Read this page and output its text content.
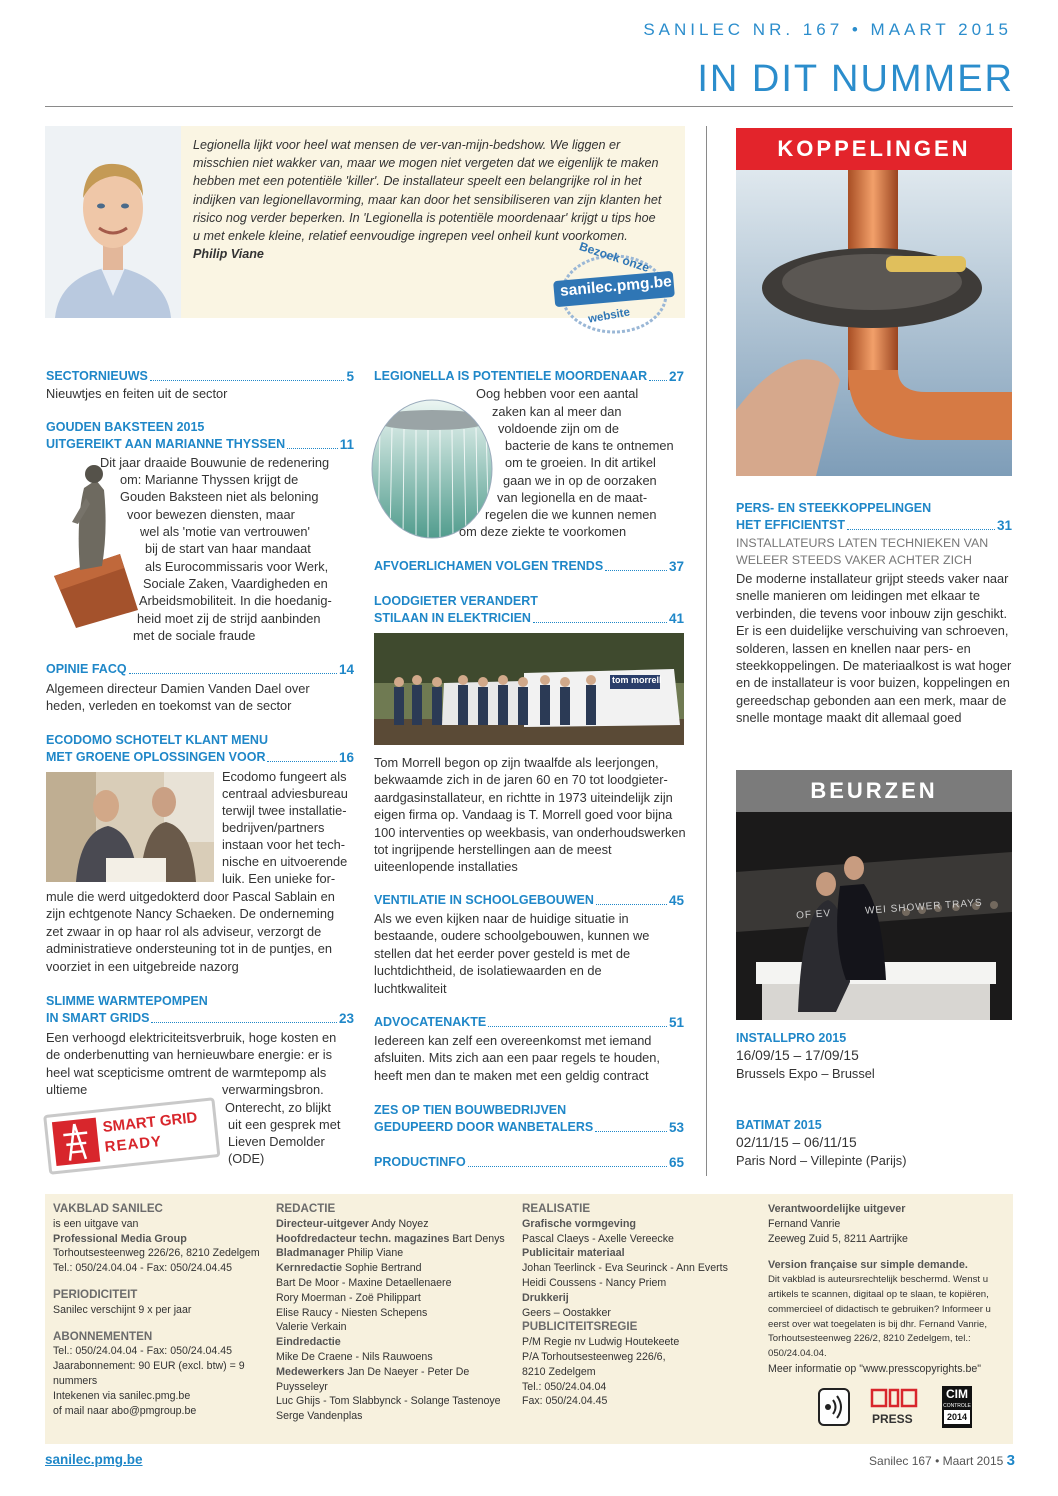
SANILEC NR. 167 • MAART 2015
IN DIT NUMMER
Legionella lijkt voor heel wat mensen de ver-van-mijn-bedshow. We liggen er misschien niet wakker van, maar we mogen niet vergeten dat we eigenlijk te maken hebben met een potentiële 'killer'. De installateur speelt een belangrijke rol in het indijken van legionellavorming, maar kan door het sensibiliseren van zijn klanten het risico nog verder beperken. In 'Legionella is potentiële moordenaar' krijgt u tips hoe u met enkele kleine, relatief eenvoudige ingrepen veel onheil kunt voorkomen.
Philip Viane	Bezoek onze
sanilec.pmg.be
website
SECTORNIEUWS	5
Nieuwtjes en feiten uit de sector
GOUDEN BAKSTEEN 2015
UITGEREIKT AAN MARIANNE THYSSEN	11
Dit jaar draaide Bouwunie de redenering
om: Marianne Thyssen krijgt de
Gouden Baksteen niet als beloning
voor bewezen diensten, maar
wel als 'motie van vertrouwen'
bij de start van haar mandaat
als Eurocommissaris voor Werk,
Sociale Zaken, Vaardigheden en
Arbeidsmobiliteit. In die hoedanig-
heid moet zij de strijd aanbinden
met de sociale fraude
OPINIE FACQ	14
Algemeen directeur Damien Vanden Dael over heden, verleden en toekomst van de sector
ECODOMO SCHOTELT KLANT MENU
MET GROENE OPLOSSINGEN VOOR	16
Ecodomo fungeert als
centraal adviesbureau
terwijl twee installatie-
bedrijven/partners
instaan voor het tech-
nische en uitvoerende
luik. Een unieke for-
mule die werd uitgedokterd door Pascal Sablain en zijn echtgenote Nancy Schaeken. De onderneming zet zwaar in op haar rol als adviseur, verzorgt de administratieve ondersteuning tot in de puntjes, en voorziet in een uitgebreide nazorg
SLIMME WARMTEPOMPEN
IN SMART GRIDS	23
Een verhoogd elektriciteitsverbruik, hoge kosten en de onderbenutting van hernieuwbare energie: er is heel wat scepticisme omtrent de warmtepomp als
ultieme	verwarmingsbron.
Onterecht, zo blijkt
uit een gesprek met
Lieven Demolder
(ODE)
SMART GRID
READY
LEGIONELLA IS POTENTIELE MOORDENAAR 27
Oog hebben voor een aantal
zaken kan al meer dan
voldoende zijn om de
bacterie de kans te ontnemen
om te groeien. In dit artikel
gaan we in op de oorzaken
van legionella en de maat-
regelen die we kunnen nemen
om deze ziekte te voorkomen
AFVOERLICHAMEN VOLGEN TRENDS	37
LOODGIETER VERANDERT
STILAAN IN ELEKTRICIEN	41
tom morrell
Tom Morrell begon op zijn twaalfde als leerjongen, bekwaamde zich in de jaren 60 en 70 tot loodgieter-aardgasinstallateur, en richtte in 1973 uiteindelijk zijn eigen firma op. Vandaag is T. Morrell goed voor bijna 100 interventies op weekbasis, van onderhoudswerken tot ingrijpende herstellingen aan de meest uiteenlopende installaties
VENTILATIE IN SCHOOLGEBOUWEN	45
Als we even kijken naar de huidige situatie in bestaande, oudere schoolgebouwen, kunnen we stellen dat het eerder pover gesteld is met de luchtdichtheid, de isolatiewaarden en de luchtkwaliteit
ADVOCATENAKTE	51
Iedereen kan zelf een overeenkomst met iemand afsluiten. Mits zich aan een paar regels te houden, heeft men dan te maken met een geldig contract
ZES OP TIEN BOUWBEDRIJVEN
GEDUPEERD DOOR WANBETALERS	53
PRODUCTINFO	65
KOPPELINGEN
PERS- EN STEEKKOPPELINGEN
HET EFFICIENTST	31
INSTALLATEURS LATEN TECHNIEKEN VAN WELEER STEEDS VAKER ACHTER ZICH
De moderne installateur grijpt steeds vaker naar snelle manieren om leidingen met elkaar te verbinden, die tevens voor inbouw zijn geschikt. Er is een duidelijke verschuiving van schroeven, solderen, lassen en knellen naar pers- en steekkoppelingen. De materiaalkost is wat hoger en de installateur is voor buizen, koppelingen en gereedschap gebonden aan een merk, maar de snelle montage maakt dit allemaal goed
BEURZEN
OF EV         WEI SHOWER TRAYS
INSTALLPRO 2015
16/09/15 – 17/09/15
Brussels Expo – Brussel
BATIMAT 2015
02/11/15 – 06/11/15
Paris Nord – Villepinte (Parijs)
VAKBLAD SANILEC
is een uitgave van
Professional Media Group
Torhoutsesteenweg 226/26, 8210 Zedelgem
Tel.: 050/24.04.04 - Fax: 050/24.04.45
PERIODICITEIT
Sanilec verschijnt 9 x per jaar
ABONNEMENTEN
Tel.: 050/24.04.04 - Fax: 050/24.04.45
Jaarabonnement: 90 EUR (excl. btw) = 9 nummers
Intekenen via sanilec.pmg.be
of mail naar abo@pmgroup.be
REDACTIE
Directeur-uitgever Andy Noyez
Hoofdredacteur techn. magazines Bart Denys
Bladmanager Philip Viane
Kernredactie Sophie Bertrand
Bart De Moor - Maxine Detaellenaere
Rory Moerman - Zoë Philippart
Elise Raucy - Niesten Schepens
Valerie Verkain
Eindredactie
Mike De Craene - Nils Rauwoens
Medewerkers Jan De Naeyer - Peter De Puysseleyr
Luc Ghijs - Tom Slabbynck - Solange Tastenoye
Serge Vandenplas
REALISATIE
Grafische vormgeving
Pascal Claeys - Axelle Vereecke
Publicitair materiaal
Johan Teerlinck - Eva Seurinck - Ann Everts
Heidi Coussens - Nancy Priem
Drukkerij
Geers – Oostakker
PUBLICITEITSREGIE
P/M Regie nv Ludwig Houtekeete
P/A Torhoutsesteenweg 226/6,
8210 Zedelgem
Tel.: 050/24.04.04
Fax: 050/24.04.45
Verantwoordelijke uitgever
Fernand Vanrie
Zeeweg Zuid 5, 8211 Aartrijke
Version française sur simple demande.
Dit vakblad is auteursrechtelijk beschermd. Wenst u artikels te scannen, digitaal op te slaan, te kopiëren, commercieel of didactisch te gebruiken? Informeer u eerst over wat toegelaten is bij dhr. Fernand Vanrie, Torhoutsesteenweg 226/2, 8210 Zedelgem, tel.: 050/24.04.04.
Meer informatie op "www.presscopyrights.be"
PRESS
CIM
CONTROLE
2014
sanilec.pmg.be	Sanilec 167 • Maart 2015 3
